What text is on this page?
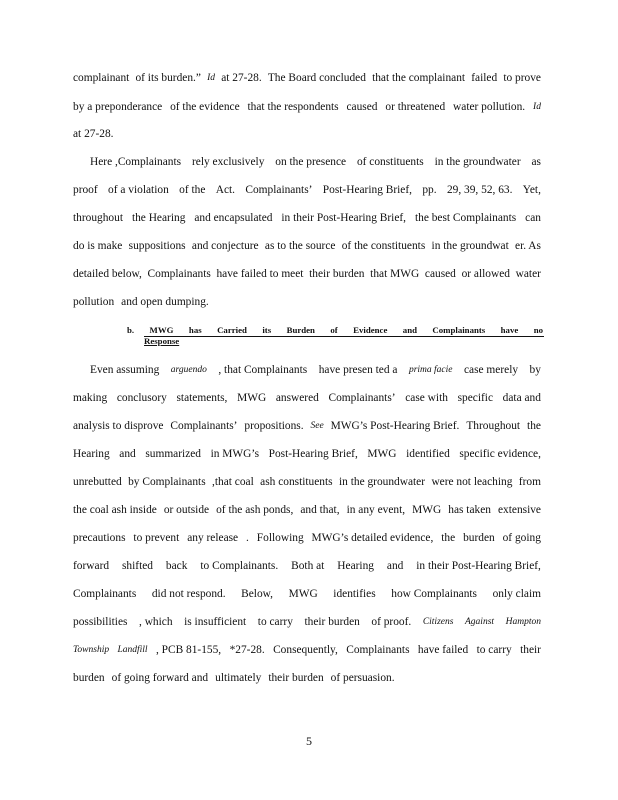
complainant of its burden.” Id at 27-28. The Board concluded that the complainant failed to prove
by a preponderance of the evidence that the respondents caused or threatened water pollution. Id
at 27-28.
Here ,Complainants rely exclusively on the presence of constituents in the groundwater as
proof of a violation of the Act. Complainants’ Post-Hearing Brief, pp. 29, 39, 52, 63. Yet,
throughout the Hearing and encapsulated in their Post-Hearing Brief, the best Complainants can
do is make suppositions and conjecture as to the source of the constituents in the groundwat er. As
detailed below, Complainants have failed to meet their burden that MWG caused or allowed water
pollution and open dumping.
b. MWG has Carried its Burden of Evidence and Complainants have no
Response
Even assuming arguendo , that Complainants have presen ted a prima facie case merely by
making conclusory statements, MWG answered Complainants’ case with specific data and
analysis to disprove Complainants’ propositions. See MWG’s Post-Hearing Brief. Throughout the
Hearing and summarized in MWG’s Post-Hearing Brief, MWG identified specific evidence,
unrebutted by Complainants ,that coal ash constituents in the groundwater were not leaching from
the coal ash inside or outside of the ash ponds, and that, in any event, MWG has taken extensive
precautions to prevent any release . Following MWG’s detailed evidence, the burden of going
forward shifted back to Complainants. Both at Hearing and in their Post-Hearing Brief,
Complainants did not respond. Below, MWG identifies how Complainants only claim
possibilities , which is insufficient to carry their burden of proof. Citizens Against Hampton
Township Landfill , PCB 81-155, *27-28. Consequently, Complainants have failed to carry their
burden of going forward and ultimately their burden of persuasion.
5
